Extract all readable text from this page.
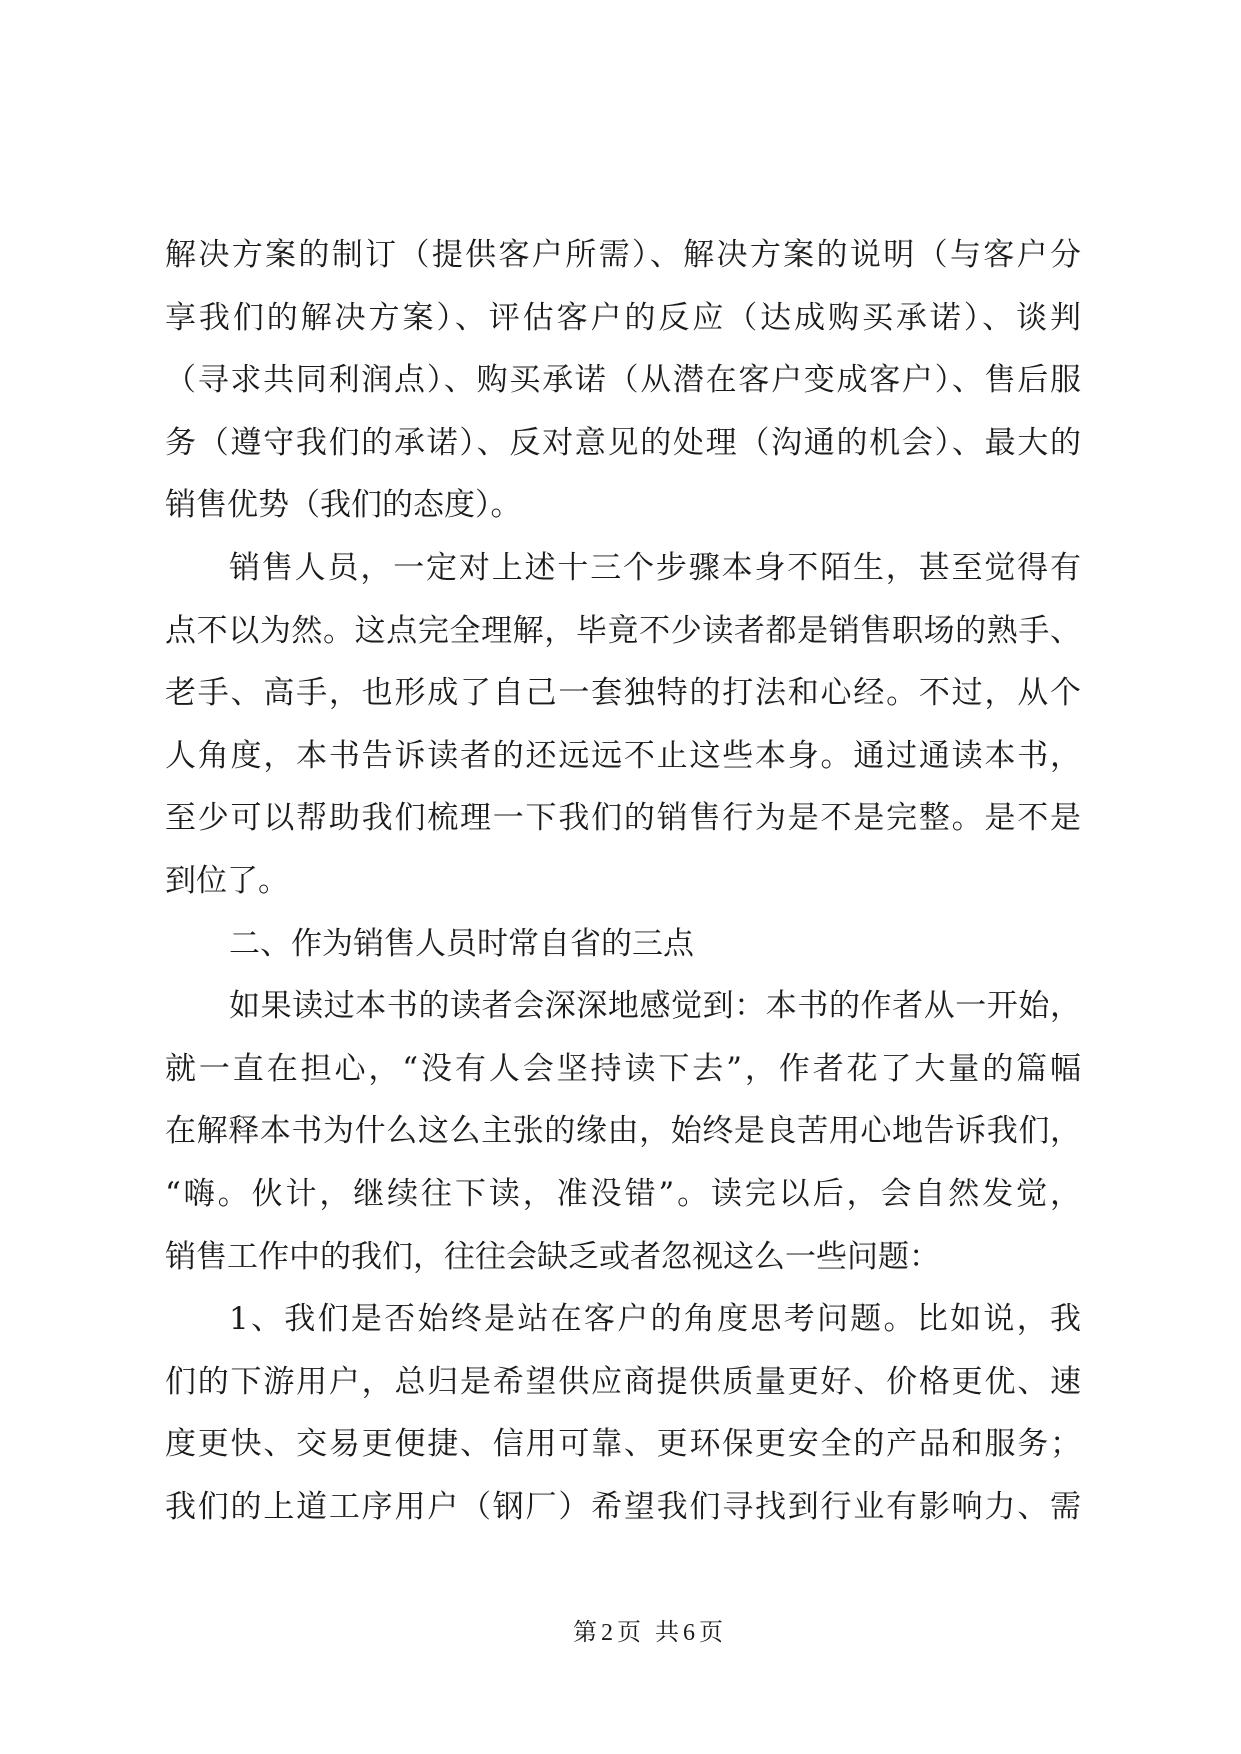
解决方案的制订（提供客户所需）、解决方案的说明（与客户分
享我们的解决方案）、评估客户的反应（达成购买承诺）、谈判
（寻求共同利润点）、购买承诺（从潜在客户变成客户）、售后服
务（遵守我们的承诺）、反对意见的处理（沟通的机会）、最大的
销售优势（我们的态度）。
销售人员，一定对上述十三个步骤本身不陌生，甚至觉得有
点不以为然。这点完全理解，毕竟不少读者都是销售职场的熟手、
老手、高手，也形成了自己一套独特的打法和心经。不过，从个
人角度，本书告诉读者的还远远不止这些本身。通过通读本书，
至少可以帮助我们梳理一下我们的销售行为是不是完整。是不是
到位了。
二、作为销售人员时常自省的三点
如果读过本书的读者会深深地感觉到：本书的作者从一开始，
就一直在担心，“没有人会坚持读下去”，作者花了大量的篇幅
在解释本书为什么这么主张的缘由，始终是良苦用心地告诉我们，
“嗨。伙计，继续往下读，准没错”。读完以后，会自然发觉，
销售工作中的我们，往往会缺乏或者忽视这么一些问题：
1、我们是否始终是站在客户的角度思考问题。比如说，我
们的下游用户，总归是希望供应商提供质量更好、价格更优、速
度更快、交易更便捷、信用可靠、更环保更安全的产品和服务；
我们的上道工序用户（钢厂）希望我们寻找到行业有影响力、需
第2页 共6页
